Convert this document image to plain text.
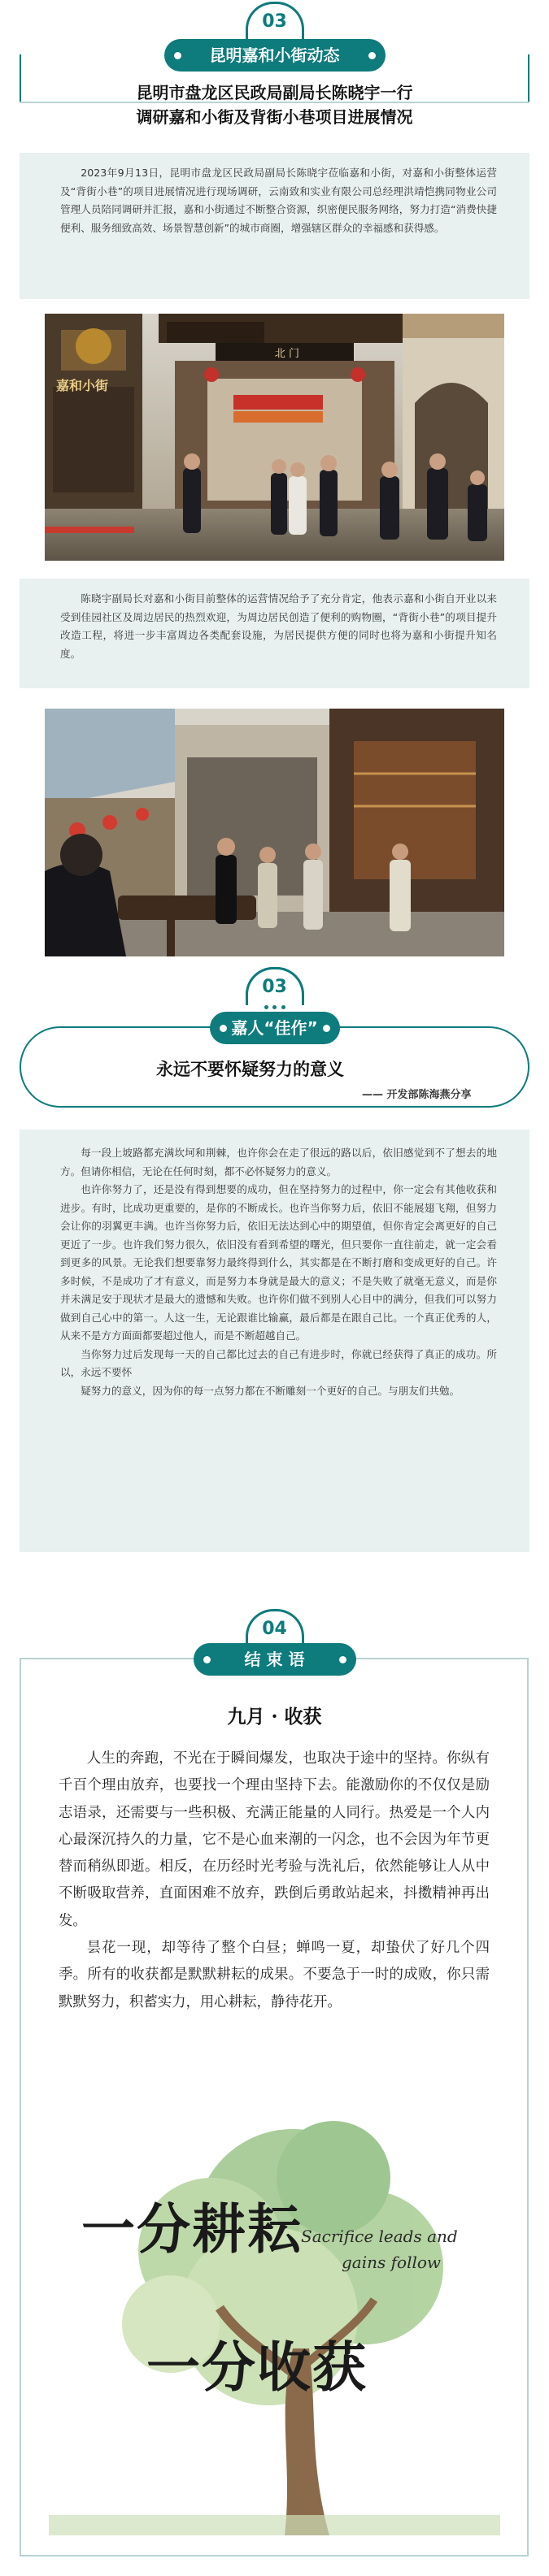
03
昆明嘉和小街动态
昆明市盘龙区民政局副局长陈晓宇一行
调研嘉和小街及背街小巷项目进展情况

2023年9月13日，昆明市盘龙区民政局副局长陈晓宇莅临嘉和小街，对嘉和小街整体运营及“背街小巷”的项目进展情况进行现场调研，云南致和实业有限公司总经理洪靖恺携同物业公司管理人员陪同调研并汇报，嘉和小街通过不断整合资源，织密便民服务网络，努力打造“消费快捷便利、服务细致高效、场景智慧创新”的城市商圈，增强辖区群众的幸福感和获得感。

嘉和小街
北 门

陈晓宇副局长对嘉和小街目前整体的运营情况给予了充分肯定，他表示嘉和小街自开业以来受到佳园社区及周边居民的热烈欢迎，为周边居民创造了便利的购物圈，“背街小巷”的项目提升改造工程，将进一步丰富周边各类配套设施，为居民提供方便的同时也将为嘉和小街提升知名度。

03
嘉人“佳作”
永远不要怀疑努力的意义
—— 开发部陈海燕分享

每一段上坡路都充满坎坷和荆棘，也许你会在走了很远的路以后，依旧感觉到不了想去的地方。但请你相信，无论在任何时刻，都不必怀疑努力的意义。

也许你努力了，还是没有得到想要的成功，但在坚持努力的过程中，你一定会有其他收获和进步。有时，比成功更重要的，是你的不断成长。也许当你努力后，依旧不能展翅飞翔，但努力会让你的羽翼更丰满。也许当你努力后，依旧无法达到心中的期望值，但你肯定会离更好的自己更近了一步。也许我们努力很久，依旧没有看到希望的曙光，但只要你一直往前走，就一定会看到更多的风景。无论我们想要靠努力最终得到什么，其实都是在不断打磨和变成更好的自己。许多时候，不是成功了才有意义，而是努力本身就是最大的意义；不是失败了就毫无意义，而是你并未满足安于现状才是最大的遗憾和失败。也许你们做不到别人心目中的满分，但我们可以努力做到自己心中的第一。人这一生，无论跟谁比输赢，最后都是在跟自己比。一个真正优秀的人，从来不是方方面面都要超过他人，而是不断超越自己。

当你努力过后发现每一天的自己都比过去的自己有进步时，你就已经获得了真正的成功。所以，永远不要怀

疑努力的意义，因为你的每一点努力都在不断雕刻一个更好的自己。与朋友们共勉。

04
结 束 语
九月 · 收获

人生的奔跑，不光在于瞬间爆发，也取决于途中的坚持。你纵有千百个理由放弃，也要找一个理由坚持下去。能激励你的不仅仅是励志语录，还需要与一些积极、充满正能量的人同行。热爱是一个人内心最深沉持久的力量，它不是心血来潮的一闪念，也不会因为年节更替而稍纵即逝。相反，在历经时光考验与洗礼后，依然能够让人从中不断吸取营养，直面困难不放弃，跌倒后勇敢站起来，抖擞精神再出发。

昙花一现，却等待了整个白昼；蝉鸣一夏，却蛰伏了好几个四季。所有的收获都是默默耕耘的成果。不要急于一时的成败，你只需默默努力，积蓄实力，用心耕耘，静待花开。

一分耕耘
一分收获
Sacrifice leads and
gains follow
